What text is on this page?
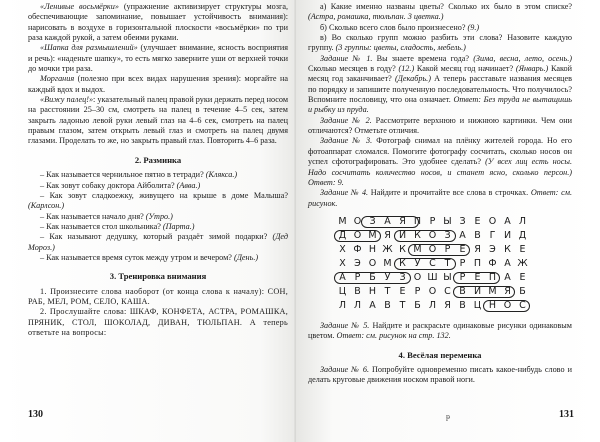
«Ленивые восьмёрки» (упражнение активизирует структуры мозга, обеспечивающие запоминание, повышает устойчивость внимания): нарисовать в воздухе в горизонтальной плоскости «восьмёрки» по три раза каждой рукой, а затем обеими руками.

«Шапка для размышлений» (улучшает внимание, ясность восприятия и речь): «наденьте шапку», то есть мягко заверните уши от верхней точки до мочки три раза.

Моргания (полезно при всех видах нарушения зрения): моргайте на каждый вдох и выдох.

«Вижу палец!»: указательный палец правой руки держать перед носом на расстоянии 25–30 см, смотреть на палец в течение 4–5 сек, затем закрыть ладонью левой руки левый глаз на 4–6 сек, смотреть на палец правым глазом, затем открыть левый глаз и смотреть на палец двумя глазами. Проделать то же, но закрыть правый глаз. Повторить 4–6 раза.

2. Разминка

– Как называется чернильное пятно в тетради? (Клякса.)

– Как зовут собаку доктора Айболита? (Авва.)

– Как зовут сладкоежку, живущего на крыше в доме Малыша? (Карлсон.)

– Как называется начало дня? (Утро.)

– Как называется стол школьника? (Парта.)

– Как называют дедушку, который раздаёт зимой подарки? (Дед Мороз.)

– Как называется время суток между утром и вечером? (День.)

3. Тренировка внимания

1. Произнесите слова наоборот (от конца слова к началу): СОН, РАБ, МЕЛ, РОМ, СЕЛО, КАША.

2. Прослушайте слова: ШКАФ, КОНФЕТА, АСТРА, РОМАШКА, ПРЯНИК, СТОЛ, ШОКОЛАД, ДИВАН, ТЮЛЬПАН. А теперь ответьте на вопросы:

130

а) Какие именно названы цветы? Сколько их было в этом списке? (Астра, ромашка, тюльпан. 3 цветка.)

б) Сколько всего слов было произнесено? (9.)

в) Во сколько групп можно разбить эти слова? Назовите каждую группу. (3 группы: цветы, сладость, мебель.)

Задание № 1. Вы знаете времена года? (Зима, весна, лето, осень.) Сколько месяцев в году? (12.) Какой месяц год начинает? (Январь.) Какой месяц год заканчивает? (Декабрь.) А теперь расставьте названия месяцев по порядку и запишите полученную последовательность. Что получилось? Вспомните пословицу, что она означает. Ответ: Без труда не вытащишь и рыбку из пруда.

Задание № 2. Рассмотрите верхнюю и нижнюю картинки. Чем они отличаются? Отметьте отличия.

Задание № 3. Фотограф снимал на плёнку жителей города. Но его фотоаппарат сломался. Помогите фотографу сосчитать, сколько носов он успел сфотографировать. Это удобнее сделать? (У всех лиц есть носы. Надо сосчитать количество носов, и станет ясно, сколько персон.) Ответ: 9.

Задание № 4. Найдите и прочитайте все слова в строчках. Ответ: см. рисунок.

М О З А Я П Р Ы З Е О А Л
Д О М Я И К О З А В Г И Д
Х Ф Н Ж К М О Р Е Я Э К Е
Х Э О М К У С Т Р П Ф А Ж
А Р Б У З О Ш Ы Р Е П А Е
Ц В Н Т Е Р О С В И М Я Б
Л Л А В Т Б Л Я В Ц Н О С

Задание № 5. Найдите и раскрасьте одинаковые рисунки одинаковым цветом. Ответ: см. рисунок на стр. 132.

4. Весёлая переменка

Задание № 6. Попробуйте одновременно писать какое-нибудь слово и делать круговые движения носком правой ноги.

131
ᵽ
